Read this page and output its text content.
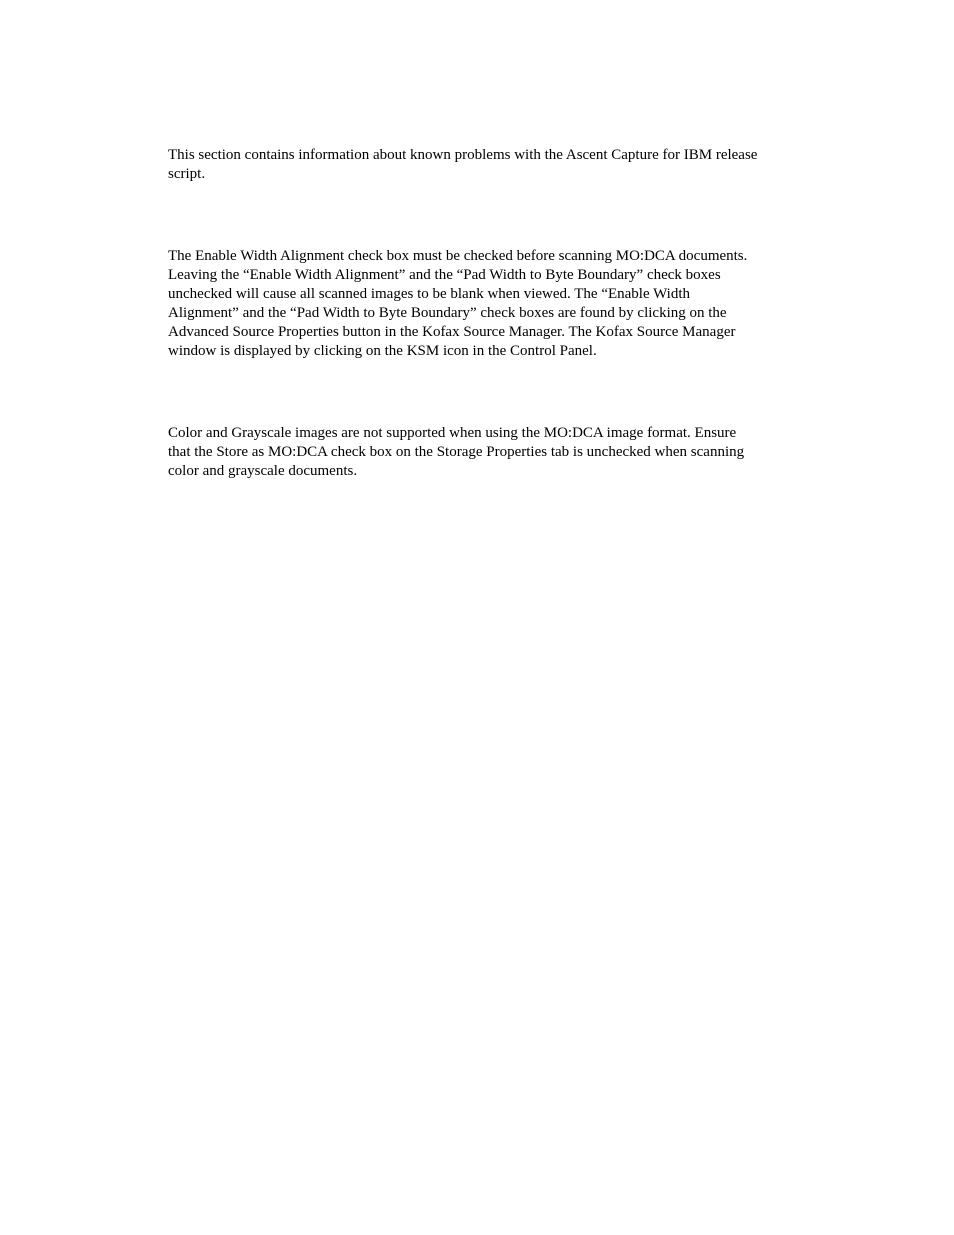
This section contains information about known problems with the Ascent Capture for IBM release
script.

The Enable Width Alignment check box must be checked before scanning MO:DCA documents.
Leaving the “Enable Width Alignment” and the “Pad Width to Byte Boundary” check boxes
unchecked will cause all scanned images to be blank when viewed. The “Enable Width
Alignment” and the “Pad Width to Byte Boundary” check boxes are found by clicking on the
Advanced Source Properties button in the Kofax Source Manager. The Kofax Source Manager
window is displayed by clicking on the KSM icon in the Control Panel.

Color and Grayscale images are not supported when using the MO:DCA image format. Ensure
that the Store as MO:DCA check box on the Storage Properties tab is unchecked when scanning
color and grayscale documents.
